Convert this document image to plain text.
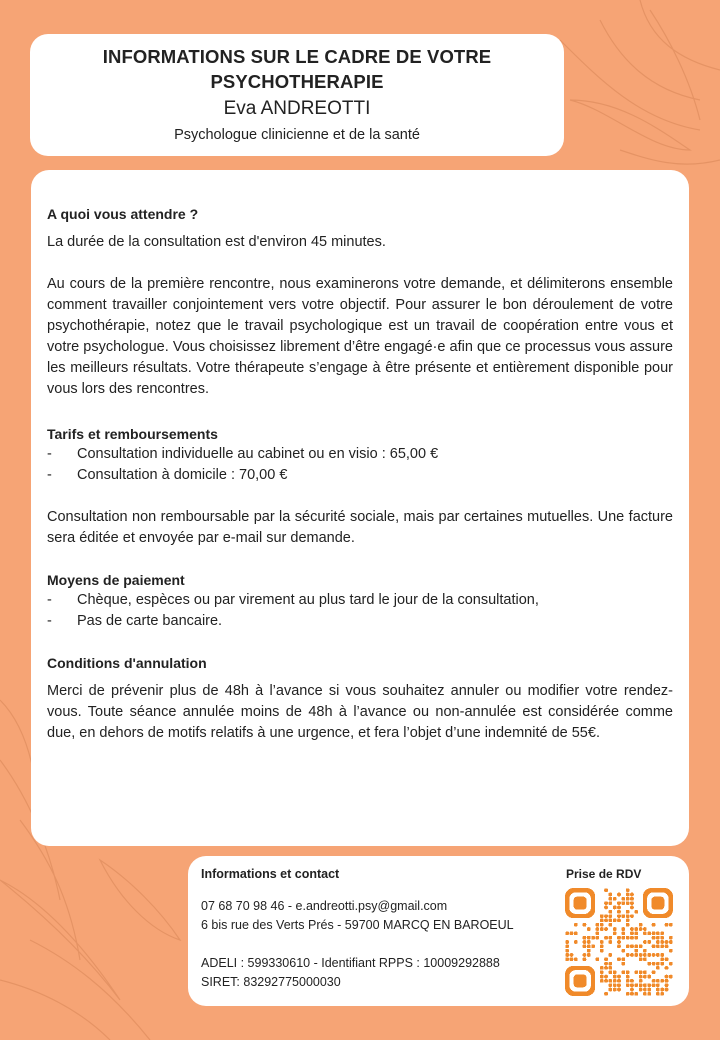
INFORMATIONS SUR LE CADRE DE VOTRE
PSYCHOTHERAPIE
Eva ANDREOTTI
Psychologue clinicienne et de la santé

A quoi vous attendre ?

La durée de la consultation est d'environ 45 minutes.

Au cours de la première rencontre, nous examinerons votre demande, et délimiterons ensemble comment travailler conjointement vers votre objectif. Pour assurer le bon déroulement de votre psychothérapie, notez que le travail psychologique est un travail de coopération entre vous et votre psychologue. Vous choisissez librement d’être engagé·e afin que ce processus vous assure les meilleurs résultats. Votre thérapeute s’engage à être présente et entièrement disponible pour vous lors des rencontres.

Tarifs et remboursements

- Consultation individuelle au cabinet ou en visio : 65,00 €
- Consultation à domicile : 70,00 €

Consultation non remboursable par la sécurité sociale, mais par certaines mutuelles. Une facture sera éditée et envoyée par e-mail sur demande.

Moyens de paiement

- Chèque, espèces ou par virement au plus tard le jour de la consultation,
- Pas de carte bancaire.

Conditions d'annulation

Merci de prévenir plus de 48h à l’avance si vous souhaitez annuler ou modifier votre rendez-vous. Toute séance annulée moins de 48h à l’avance ou non-annulée est considérée comme due, en dehors de motifs relatifs à une urgence, et fera l’objet d’une indemnité de 55€.

Informations et contact
07 68 70 98 46 - e.andreotti.psy@gmail.com
6 bis rue des Verts Prés - 59700 MARCQ EN BAROEUL
ADELI : 599330610 - Identifiant RPPS : 10009292888
SIRET: 83292775000030
Prise de RDV
